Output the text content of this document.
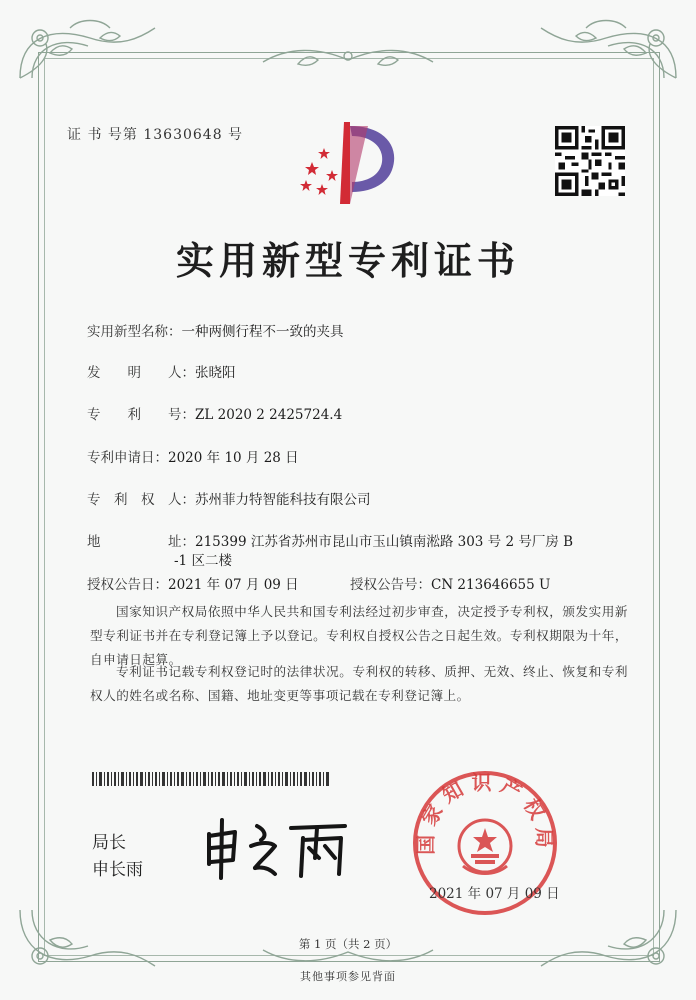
证 书 号第 13630648 号
实用新型专利证书
实用新型名称：一种两侧行程不一致的夹具
发　　明　　人：张晓阳
专　　利　　号：ZL 2020 2 2425724.4
专利申请日：2020 年 10 月 28 日
专　利　权　人：苏州菲力特智能科技有限公司
地　　　　　址：215399 江苏省苏州市昆山市玉山镇南淞路 303 号 2 号厂房 B
-1 区二楼
授权公告日：2021 年 07 月 09 日	授权公告号：CN 213646655 U
国家知识产权局依照中华人民共和国专利法经过初步审查，决定授予专利权，颁发实用新型专利证书并在专利登记簿上予以登记。专利权自授权公告之日起生效。专利权期限为十年，自申请日起算。
专利证书记载专利权登记时的法律状况。专利权的转移、质押、无效、终止、恢复和专利权人的姓名或名称、国籍、地址变更等事项记载在专利登记簿上。
局长
申长雨
国家知识产权局
2021 年 07 月 09 日
第 1 页（共 2 页）
其他事项参见背面
